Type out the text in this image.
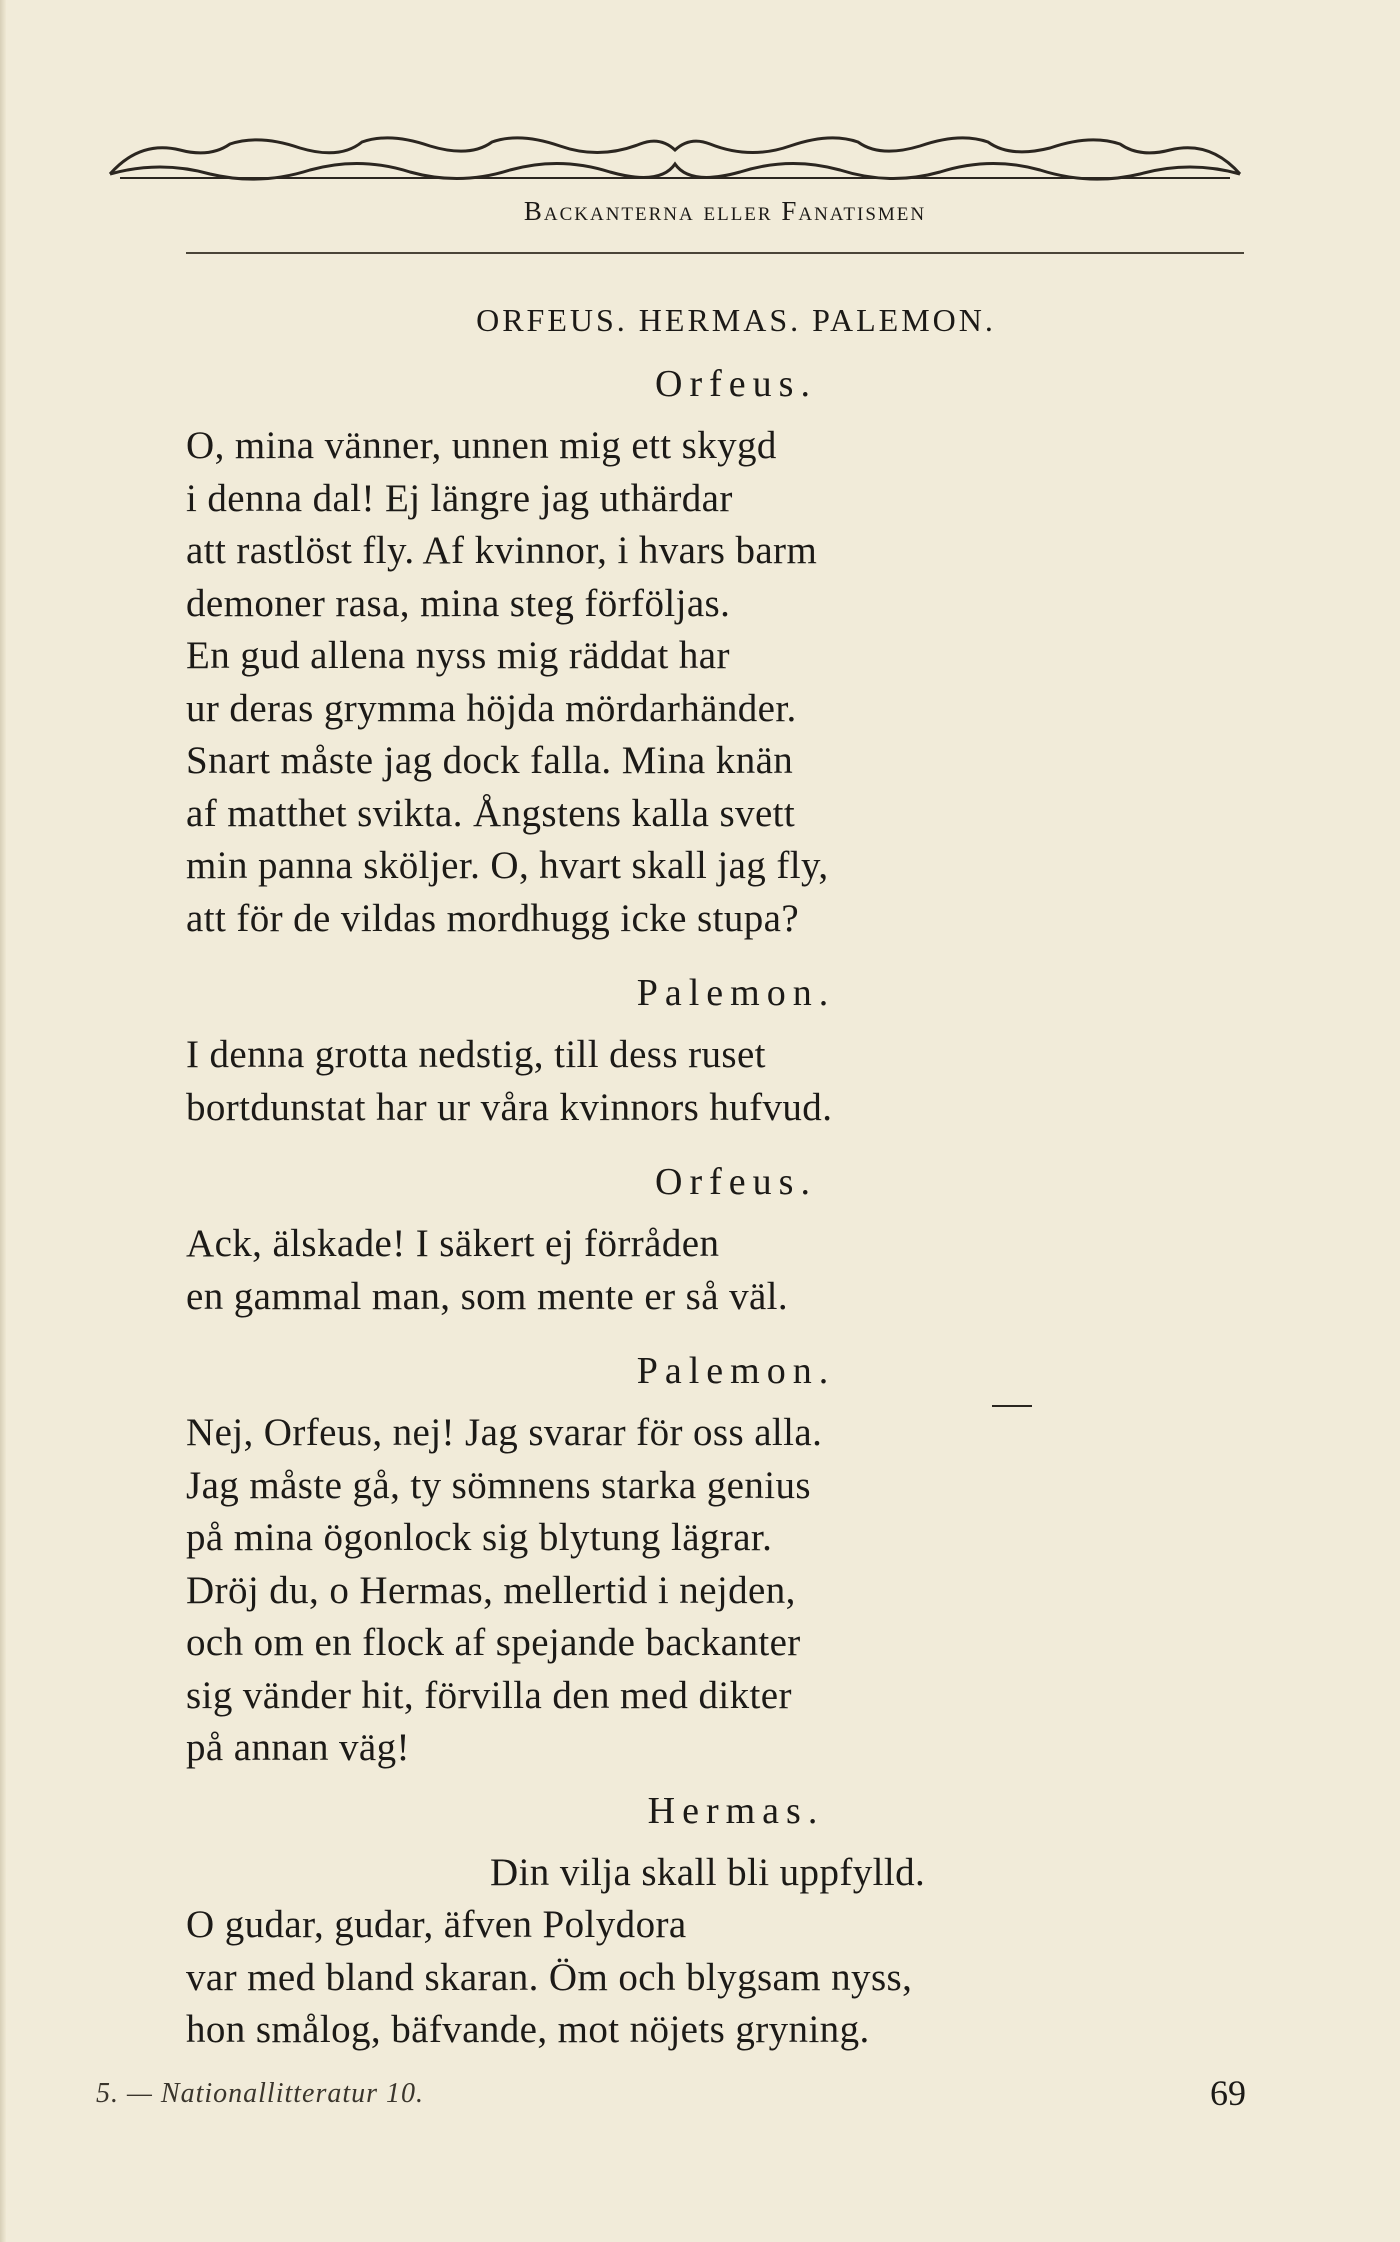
Backanterna eller Fanatismen
ORFEUS. HERMAS. PALEMON.
Orfeus.
O, mina vänner, unnen mig ett skygd
i denna dal! Ej längre jag uthärdar
att rastlöst fly. Af kvinnor, i hvars barm
demoner rasa, mina steg förföljas.
En gud allena nyss mig räddat har
ur deras grymma höjda mördarhänder.
Snart måste jag dock falla. Mina knän
af matthet svikta. Ångstens kalla svett
min panna sköljer. O, hvart skall jag fly,
att för de vildas mordhugg icke stupa?
Palemon.
I denna grotta nedstig, till dess ruset
bortdunstat har ur våra kvinnors hufvud.
Orfeus.
Ack, älskade! I säkert ej förråden
en gammal man, som mente er så väl.
Palemon.
Nej, Orfeus, nej! Jag svarar för oss alla.
Jag måste gå, ty sömnens starka genius
på mina ögonlock sig blytung lägrar.
Dröj du, o Hermas, mellertid i nejden,
och om en flock af spejande backanter
sig vänder hit, förvilla den med dikter
på annan väg!
Hermas.
Din vilja skall bli uppfylld.
O gudar, gudar, äfven Polydora
var med bland skaran. Öm och blygsam nyss,
hon smålog, bäfvande, mot nöjets gryning.
5. — Nationallitteratur 10.	69
